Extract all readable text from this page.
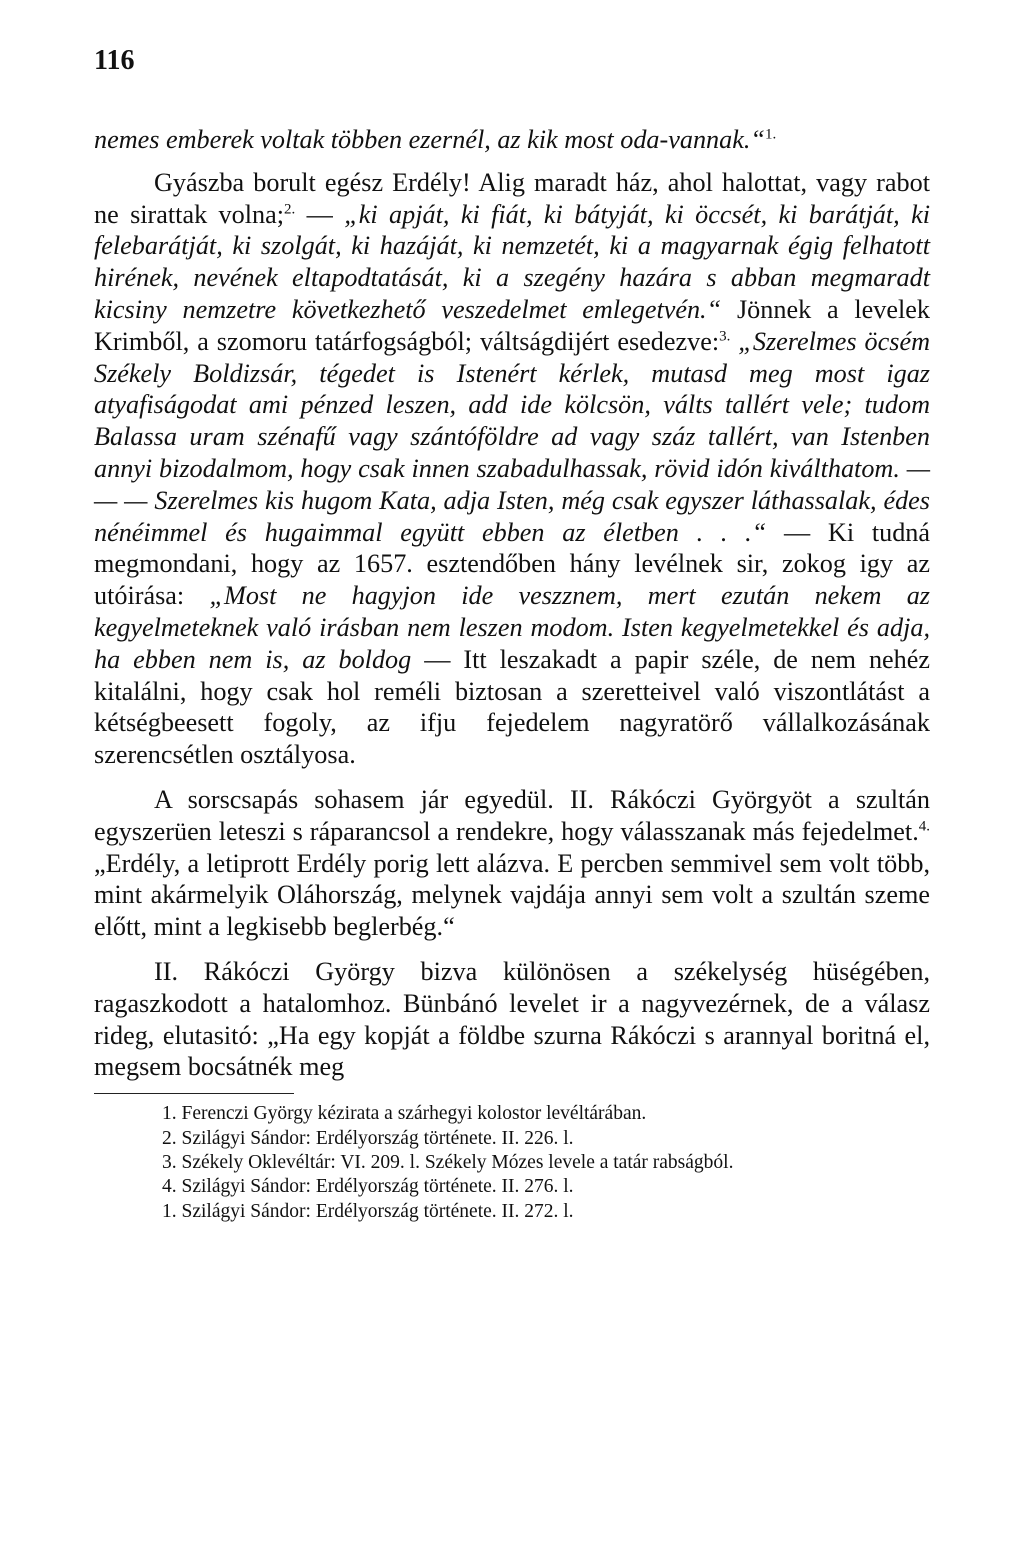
116

nemes emberek voltak többen ezernél, az kik most oda-vannak.“$^{1.}$

Gyászba borult egész Erdély! Alig maradt ház, ahol halottat, vagy rabot ne sirattak volna;$^{2.}$ — „ki apját, ki fiát, ki bátyját, ki öccsét, ki barátját, ki felebarátját, ki szolgát, ki hazáját, ki nemzetét, ki a magyarnak égig felhatott hirének, nevének eltapodtatását, ki a szegény hazára s abban megmaradt kicsiny nemzetre következhető veszedelmet emlegetvén.“ Jönnek a levelek Krimből, a szomoru tatárfogságból; váltságdijért esedezve:$^{3.}$ „Szerelmes öcsém Székely Boldizsár, tégedet is Istenért kérlek, mutasd meg most igaz atyafiságodat ami pénzed leszen, add ide kölcsön, válts tallért vele; tudom Balassa uram szénafű vagy szántóföldre ad vagy száz tallért, van Istenben annyi bizodalmom, hogy csak innen szabadulhassak, rövid idón kiválthatom. — — — Szerelmes kis hugom Kata, adja Isten, még csak egyszer láthassalak, édes nénéimmel és hugaimmal együtt ebben az életben . . .“ — Ki tudná megmondani, hogy az 1657. esztendőben hány levélnek sir, zokog igy az utóirása: „Most ne hagyjon ide veszznem, mert ezután nekem az kegyelmeteknek való irásban nem leszen modom. Isten kegyelmetekkel és adja, ha ebben nem is, az boldog — Itt leszakadt a papir széle, de nem nehéz kitalálni, hogy csak hol reméli biztosan a szeretteivel való viszontlátást a kétségbeesett fogoly, az ifju fejedelem nagyratörő vállalkozásának szerencsétlen osztályosa.

A sorscsapás sohasem jár egyedül. II. Rákóczi Györgyöt a szultán egyszerüen leteszi s ráparancsol a rendekre, hogy válasszanak más fejedelmet.$^{4.}$ „Erdély, a letiprott Erdély porig lett alázva. E percben semmivel sem volt több, mint akármelyik Oláhország, melynek vajdája annyi sem volt a szultán szeme előtt, mint a legkisebb beglerbég.“

II. Rákóczi György bizva különösen a székelység hüségében, ragaszkodott a hatalomhoz. Bünbánó levelet ir a nagyvezérnek, de a válasz rideg, elutasitó: „Ha egy kopját a földbe szurna Rákóczi s arannyal boritná el, megsem bocsátnék meg

1. Ferenczi György kézirata a szárhegyi kolostor levéltárában.

2. Szilágyi Sándor: Erdélyország története. II. 226. l.

3. Székely Oklevéltár: VI. 209. l. Székely Mózes levele a tatár rabságból.

4. Szilágyi Sándor: Erdélyország története. II. 276. l.

1. Szilágyi Sándor: Erdélyország története. II. 272. l.
